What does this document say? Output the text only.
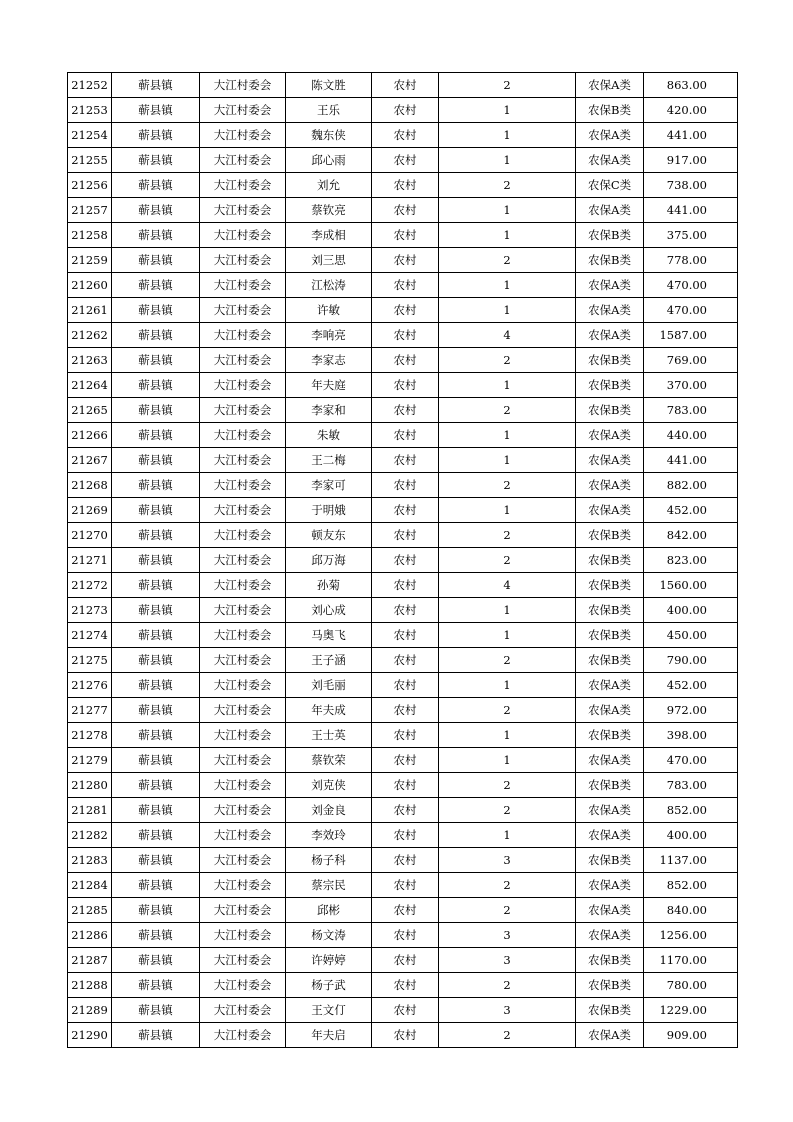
21252	蕲县镇	大江村委会	陈文胜	农村	2	农保A类	863.00
21253	蕲县镇	大江村委会	王乐	农村	1	农保B类	420.00
21254	蕲县镇	大江村委会	魏东侠	农村	1	农保A类	441.00
21255	蕲县镇	大江村委会	邱心雨	农村	1	农保A类	917.00
21256	蕲县镇	大江村委会	刘允	农村	2	农保C类	738.00
21257	蕲县镇	大江村委会	蔡钦亮	农村	1	农保A类	441.00
21258	蕲县镇	大江村委会	李成相	农村	1	农保B类	375.00
21259	蕲县镇	大江村委会	刘三思	农村	2	农保B类	778.00
21260	蕲县镇	大江村委会	江松涛	农村	1	农保A类	470.00
21261	蕲县镇	大江村委会	许敏	农村	1	农保A类	470.00
21262	蕲县镇	大江村委会	李响亮	农村	4	农保A类	1587.00
21263	蕲县镇	大江村委会	李家志	农村	2	农保B类	769.00
21264	蕲县镇	大江村委会	年夫庭	农村	1	农保B类	370.00
21265	蕲县镇	大江村委会	李家和	农村	2	农保B类	783.00
21266	蕲县镇	大江村委会	朱敏	农村	1	农保A类	440.00
21267	蕲县镇	大江村委会	王二梅	农村	1	农保A类	441.00
21268	蕲县镇	大江村委会	李家可	农村	2	农保A类	882.00
21269	蕲县镇	大江村委会	于明娥	农村	1	农保A类	452.00
21270	蕲县镇	大江村委会	顿友东	农村	2	农保B类	842.00
21271	蕲县镇	大江村委会	邱万海	农村	2	农保B类	823.00
21272	蕲县镇	大江村委会	孙菊	农村	4	农保B类	1560.00
21273	蕲县镇	大江村委会	刘心成	农村	1	农保B类	400.00
21274	蕲县镇	大江村委会	马奥飞	农村	1	农保B类	450.00
21275	蕲县镇	大江村委会	王子涵	农村	2	农保B类	790.00
21276	蕲县镇	大江村委会	刘毛丽	农村	1	农保A类	452.00
21277	蕲县镇	大江村委会	年夫成	农村	2	农保A类	972.00
21278	蕲县镇	大江村委会	王士英	农村	1	农保B类	398.00
21279	蕲县镇	大江村委会	蔡钦荣	农村	1	农保A类	470.00
21280	蕲县镇	大江村委会	刘克侠	农村	2	农保B类	783.00
21281	蕲县镇	大江村委会	刘金良	农村	2	农保A类	852.00
21282	蕲县镇	大江村委会	李效玲	农村	1	农保A类	400.00
21283	蕲县镇	大江村委会	杨子科	农村	3	农保B类	1137.00
21284	蕲县镇	大江村委会	蔡宗民	农村	2	农保A类	852.00
21285	蕲县镇	大江村委会	邱彬	农村	2	农保A类	840.00
21286	蕲县镇	大江村委会	杨文涛	农村	3	农保A类	1256.00
21287	蕲县镇	大江村委会	许婷婷	农村	3	农保B类	1170.00
21288	蕲县镇	大江村委会	杨子武	农村	2	农保B类	780.00
21289	蕲县镇	大江村委会	王文仃	农村	3	农保B类	1229.00
21290	蕲县镇	大江村委会	年夫启	农村	2	农保A类	909.00
